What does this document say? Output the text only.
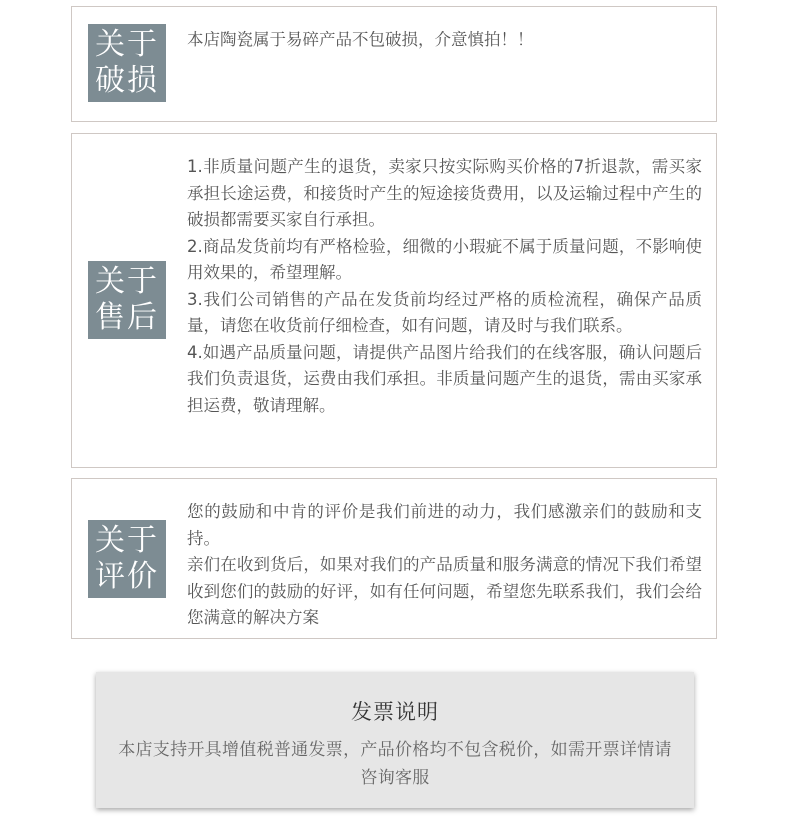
关于
破损

本店陶瓷属于易碎产品不包破损，介意慎拍！！

关于
售后

1.非质量问题产生的退货，卖家只按实际购买价格的7折退款，需买家承担长途运费，和接货时产生的短途接货费用，以及运输过程中产生的破损都需要买家自行承担。

2.商品发货前均有严格检验，细微的小瑕疵不属于质量问题，不影响使用效果的，希望理解。

3.我们公司销售的产品在发货前均经过严格的质检流程，确保产品质量，请您在收货前仔细检查，如有问题，请及时与我们联系。

4.如遇产品质量问题，请提供产品图片给我们的在线客服，确认问题后我们负责退货，运费由我们承担。非质量问题产生的退货，需由买家承担运费，敬请理解。

关于
评价

您的鼓励和中肯的评价是我们前进的动力，我们感激亲们的鼓励和支持。

亲们在收到货后，如果对我们的产品质量和服务满意的情况下我们希望收到您们的鼓励的好评，如有任何问题，希望您先联系我们，我们会给您满意的解决方案

发票说明
本店支持开具增值税普通发票，产品价格均不包含税价，如需开票详情请咨询客服
